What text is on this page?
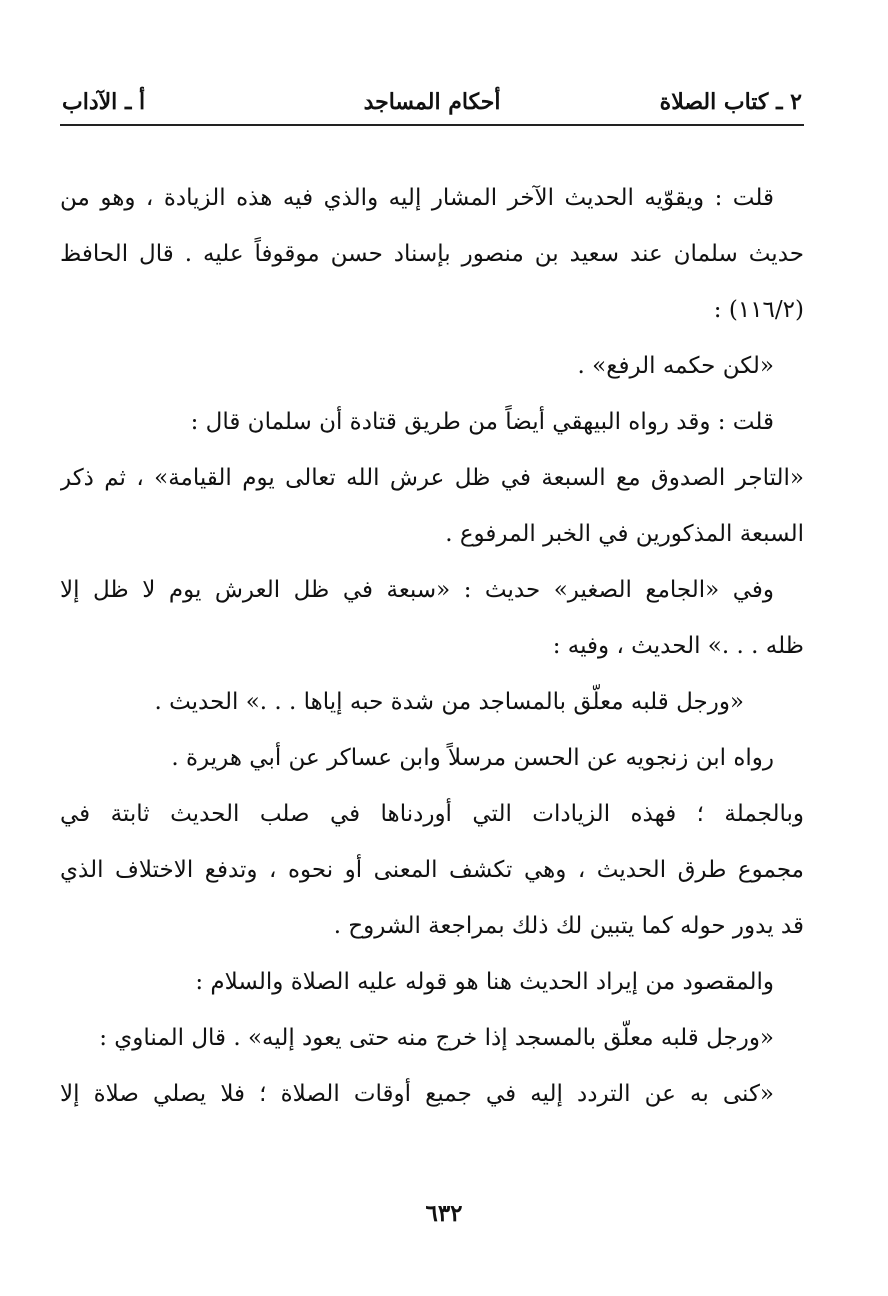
٢ ـ كتاب الصلاة
أحكام المساجد
أ ـ الآداب
قلت : ويقوّيه الحديث الآخر المشار إليه والذي فيه هذه الزيادة ، وهو من
حديث سلمان عند سعيد بن منصور بإسناد حسن موقوفاً عليه . قال الحافظ
(١١٦/٢) :
«لكن حكمه الرفع» .
قلت : وقد رواه البيهقي أيضاً من طريق قتادة أن سلمان قال :
«التاجر الصدوق مع السبعة في ظل عرش الله تعالى يوم القيامة» ، ثم ذكر
السبعة المذكورين في الخبر المرفوع .
وفي «الجامع الصغير» حديث : «سبعة في ظل العرش يوم لا ظل إلا
ظله . . .» الحديث ، وفيه :
«ورجل قلبه معلّق بالمساجد من شدة حبه إياها . . .» الحديث .
رواه ابن زنجويه عن الحسن مرسلاً وابن عساكر عن أبي هريرة .
وبالجملة ؛ فهذه الزيادات التي أوردناها في صلب الحديث ثابتة في
مجموع طرق الحديث ، وهي تكشف المعنى أو نحوه ، وتدفع الاختلاف الذي
قد يدور حوله كما يتبين لك ذلك بمراجعة الشروح .
والمقصود من إيراد الحديث هنا هو قوله عليه الصلاة والسلام :
«ورجل قلبه معلّق بالمسجد إذا خرج منه حتى يعود إليه» . قال المناوي :
«كنى به عن التردد إليه في جميع أوقات الصلاة ؛ فلا يصلي صلاة إلا
٦٣٢
